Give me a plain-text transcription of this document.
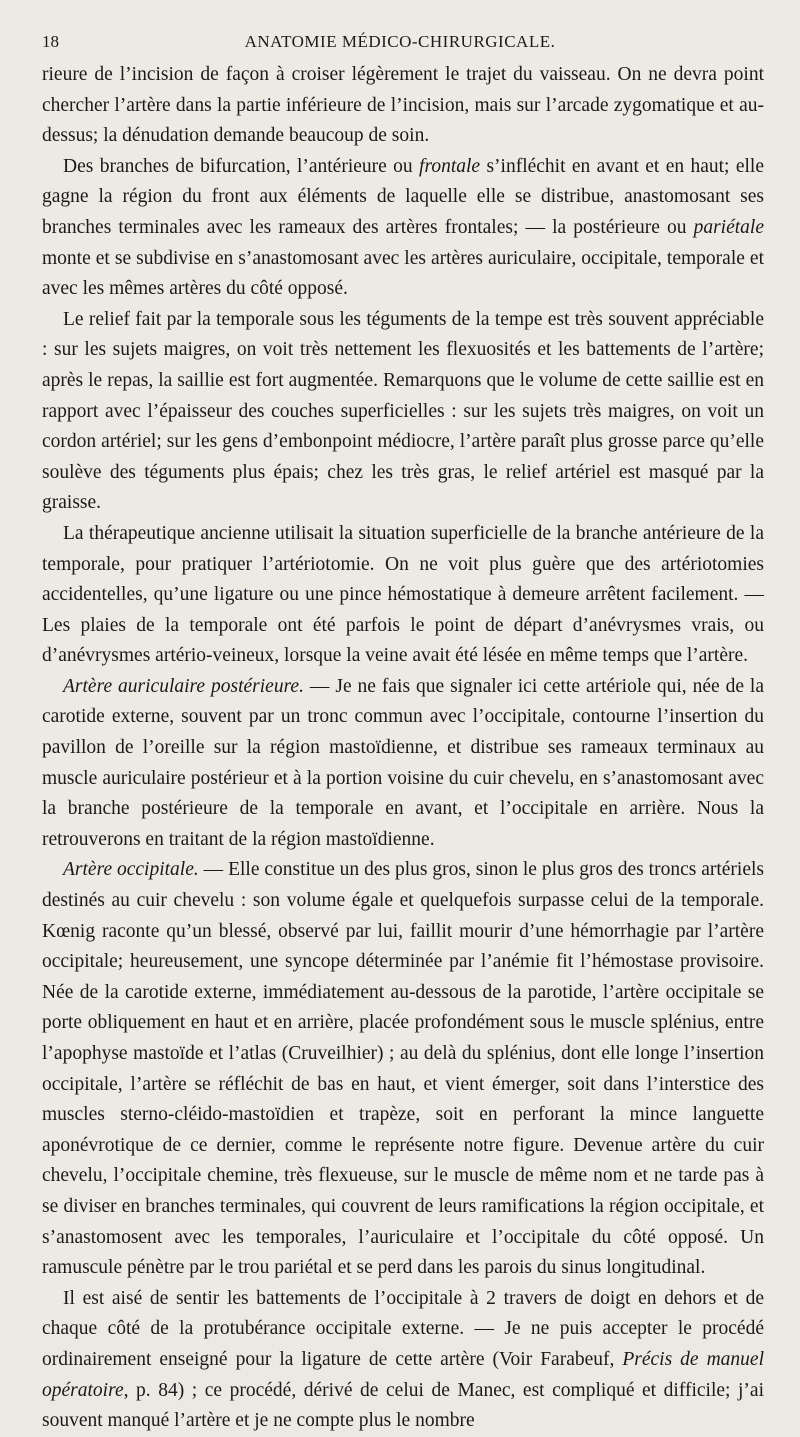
18	ANATOMIE MÉDICO-CHIRURGICALE.

rieure de l’incision de façon à croiser légèrement le trajet du vaisseau. On ne devra point chercher l’artère dans la partie inférieure de l’incision, mais sur l’arcade zygomatique et au-dessus; la dénudation demande beaucoup de soin.

Des branches de bifurcation, l’antérieure ou frontale s’infléchit en avant et en haut; elle gagne la région du front aux éléments de laquelle elle se distribue, anastomosant ses branches terminales avec les rameaux des artères frontales; — la postérieure ou pariétale monte et se subdivise en s’anastomosant avec les artères auriculaire, occipitale, temporale et avec les mêmes artères du côté opposé.

Le relief fait par la temporale sous les téguments de la tempe est très souvent appréciable : sur les sujets maigres, on voit très nettement les flexuosités et les battements de l’artère; après le repas, la saillie est fort augmentée. Remarquons que le volume de cette saillie est en rapport avec l’épaisseur des couches superficielles : sur les sujets très maigres, on voit un cordon artériel; sur les gens d’embonpoint médiocre, l’artère paraît plus grosse parce qu’elle soulève des téguments plus épais; chez les très gras, le relief artériel est masqué par la graisse.

La thérapeutique ancienne utilisait la situation superficielle de la branche antérieure de la temporale, pour pratiquer l’artériotomie. On ne voit plus guère que des artériotomies accidentelles, qu’une ligature ou une pince hémostatique à demeure arrêtent facilement. — Les plaies de la temporale ont été parfois le point de départ d’anévrysmes vrais, ou d’anévrysmes artério-veineux, lorsque la veine avait été lésée en même temps que l’artère.

Artère auriculaire postérieure. — Je ne fais que signaler ici cette artériole qui, née de la carotide externe, souvent par un tronc commun avec l’occipitale, contourne l’insertion du pavillon de l’oreille sur la région mastoïdienne, et distribue ses rameaux terminaux au muscle auriculaire postérieur et à la portion voisine du cuir chevelu, en s’anastomosant avec la branche postérieure de la temporale en avant, et l’occipitale en arrière. Nous la retrouverons en traitant de la région mastoïdienne.

Artère occipitale. — Elle constitue un des plus gros, sinon le plus gros des troncs artériels destinés au cuir chevelu : son volume égale et quelquefois surpasse celui de la temporale. Kœnig raconte qu’un blessé, observé par lui, faillit mourir d’une hémorrhagie par l’artère occipitale; heureusement, une syncope déterminée par l’anémie fit l’hémostase provisoire. Née de la carotide externe, immédiatement au-dessous de la parotide, l’artère occipitale se porte obliquement en haut et en arrière, placée profondément sous le muscle splénius, entre l’apophyse mastoïde et l’atlas (Cruveilhier) ; au delà du splénius, dont elle longe l’insertion occipitale, l’artère se réfléchit de bas en haut, et vient émerger, soit dans l’interstice des muscles sterno-cléido-mastoïdien et trapèze, soit en perforant la mince languette aponévrotique de ce dernier, comme le représente notre figure. Devenue artère du cuir chevelu, l’occipitale chemine, très flexueuse, sur le muscle de même nom et ne tarde pas à se diviser en branches terminales, qui couvrent de leurs ramifications la région occipitale, et s’anastomosent avec les temporales, l’auriculaire et l’occipitale du côté opposé. Un ramuscule pénètre par le trou pariétal et se perd dans les parois du sinus longitudinal.

Il est aisé de sentir les battements de l’occipitale à 2 travers de doigt en dehors et de chaque côté de la protubérance occipitale externe. — Je ne puis accepter le procédé ordinairement enseigné pour la ligature de cette artère (Voir Farabeuf, Précis de manuel opératoire, p. 84) ; ce procédé, dérivé de celui de Manec, est compliqué et difficile; j’ai souvent manqué l’artère et je ne compte plus le nombre
